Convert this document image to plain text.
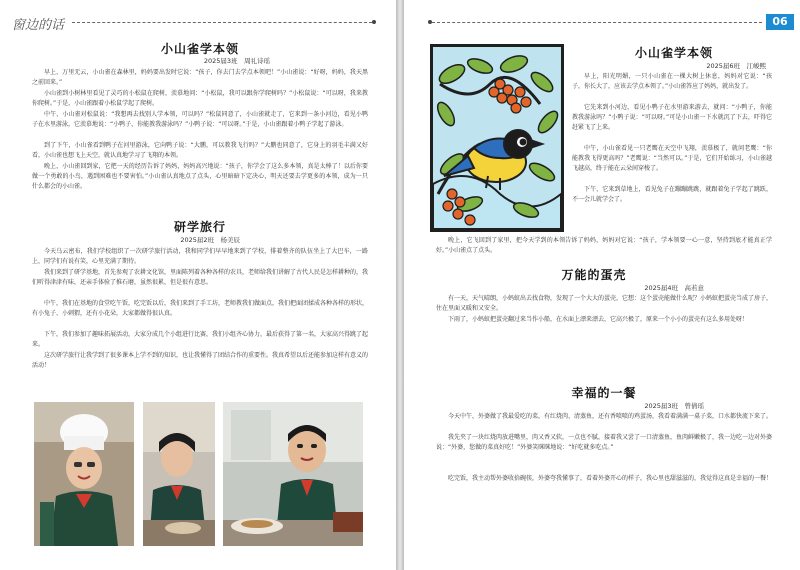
窗边的话
小山雀学本领
2025届3班　周礼诗瑶

早上，万里无云，小山雀在森林里，妈妈要出发时它说：“孩子，你去门去学点本领吧！”小山雀说：“好呀，妈妈，我天黑之前回来。”

小山雀到小树林里看见了灵巧的小松鼠在爬树，羡慕地问：“小松鼠，我可以跟你学爬树吗？”小松鼠说：“可以呀，我来教你爬树。”于是，小山雀跟着小松鼠学起了爬树。

中午，小山雀对松鼠说：“我想再去找别人学本领，可以吗？”松鼠同意了，小山雀就走了，它来到一条小河边，看见小鸭子在水里游泳，它羡慕地说：“小鸭子，你能教我游泳吗？”小鸭子说：“可以呀。”于是，小山雀跟着小鸭子学起了游泳。

到了下午，小山雀看到鸭子在河里游泳，它向鸭子说：“大鹏，可以教我飞行吗？”大鹏也同意了，它身上的羽毛丰满又好看，小山雀也想飞上天空，就认真地学习了飞翔的本领。

晚上，小山雀回到家，它把一天的经历告诉了妈妈，妈妈高兴地说：“孩子，你学会了这么多本领，真是太棒了！以后你要做一个勇敢的小鸟，遇到困难也不要害怕。”小山雀认真地点了点头，心里暗暗下定决心，明天还要去学更多的本领，成为一只什么都会的小山雀。

研学旅行
2025届2班　杨美辰

今天乌云密布，我们学校组织了一次研学旅行活动，我和同学们早早地来到了学校，排着整齐的队伍坐上了大巴车，一路上，同学们有说有笑，心里充满了期待。

我们来到了研学基地，首先参观了农耕文化馆，里面陈列着各种各样的农具，老师给我们讲解了古代人民是怎样耕种的，我们听得津津有味，还亲手体验了推石磨，虽然很累，但是很有意思。

中午，我们在基地的食堂吃午饭，吃完饭以后，我们来到了手工坊，老师教我们做面点，我们把面团揉成各种各样的形状，有小兔子、小刺猬，还有小花朵，大家都做得很认真。

下午，我们参加了趣味拓展活动，大家分成几个小组进行比赛，我们小组齐心协力，最后获得了第一名，大家高兴得跳了起来。

这次研学旅行让我学到了很多课本上学不到的知识，也让我懂得了团结合作的重要性。我真希望以后还能参加这样有意义的活动！

06
小山雀学本领
2025届6班　江峻熙

早上，阳光明媚，一只小山雀在一棵大树上休息，妈妈对它说：“孩子，你长大了，应该去学点本领了。”小山雀答应了妈妈，就出发了。

它先来到小河边，看见小鸭子在水里游来游去，就问：“小鸭子，你能教我游泳吗？”小鸭子说：“可以呀。”可是小山雀一下水就沉了下去，吓得它赶紧飞了上来。

中午，小山雀看见一只老鹰在天空中飞翔，羡慕极了，就问老鹰：“你能教我飞得更高吗？”老鹰说：“当然可以。”于是，它们开始练习，小山雀越飞越高，终于能在云朵间穿梭了。

下午，它来到草地上，看见兔子在蹦蹦跳跳，就跟着兔子学起了跳跃，不一会儿就学会了。

晚上，它飞回到了家里，把今天学到的本领告诉了妈妈，妈妈对它说：“孩子，学本领要一心一意，坚持到底才能真正学好。”小山雀点了点头。

万能的蛋壳
2025届4班　高若意

有一天，天气晴朗，小蚂蚁出去找食物，发现了一个大大的蛋壳，它想：这个蛋壳能做什么呢？小蚂蚁把蛋壳当成了房子，住在里面又暖和又安全。

下雨了，小蚂蚁把蛋壳翻过来当作小船，在水面上漂来漂去，它高兴极了，原来一个小小的蛋壳有这么多用处呀！

幸福的一餐
2025届3班　曾倩瑶

今天中午，外婆做了我最爱吃的菜，有红烧肉、清蒸鱼，还有香喷喷的鸡蛋汤，我看着满满一桌子菜，口水都快流下来了。

我先夹了一块红烧肉放进嘴里，肉又香又软，一点也不腻，接着我又尝了一口清蒸鱼，鱼肉鲜嫩极了，我一边吃一边对外婆说：“外婆，您做的菜真好吃！”外婆笑眯眯地说：“好吃就多吃点。”

吃完饭，我主动帮外婆收拾碗筷，外婆夸我懂事了，看着外婆开心的样子，我心里也甜滋滋的，我觉得这真是幸福的一餐！
